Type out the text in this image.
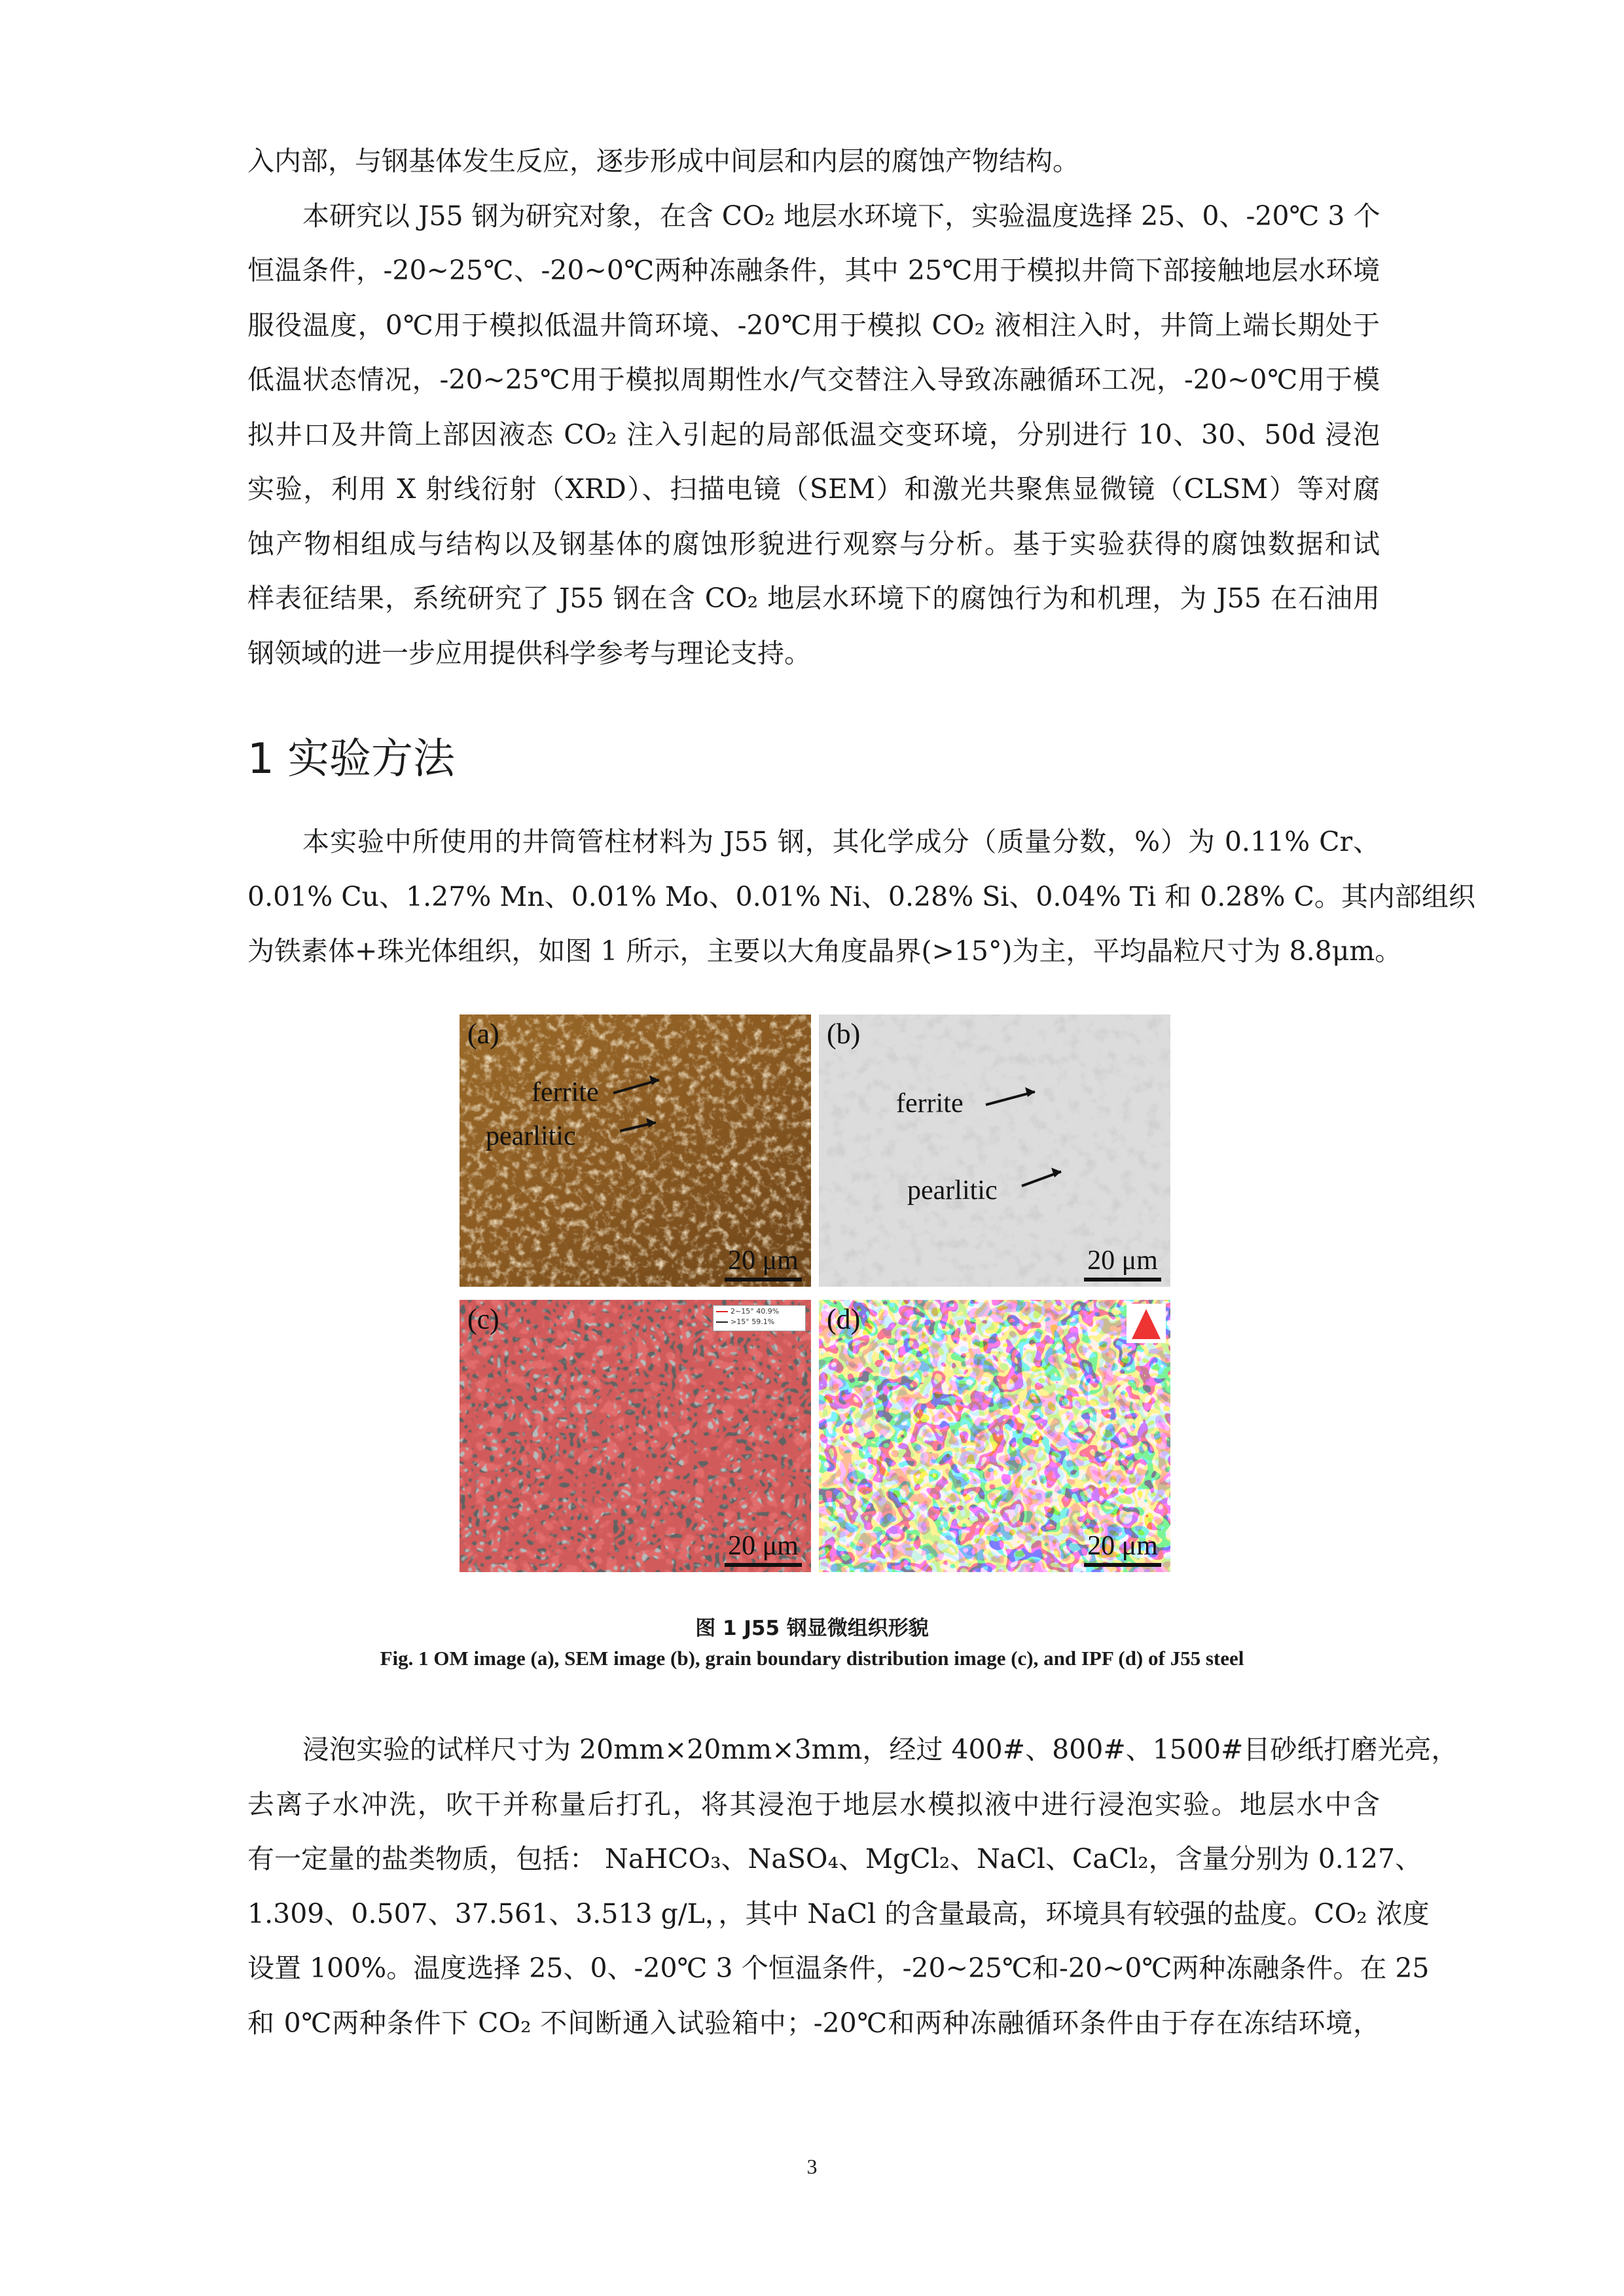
入内部，与钢基体发生反应，逐步形成中间层和内层的腐蚀产物结构。
本研究以 J55 钢为研究对象，在含 CO₂ 地层水环境下，实验温度选择 25、0、-20℃ 3 个
恒温条件，-20~25℃、-20~0℃两种冻融条件，其中 25℃用于模拟井筒下部接触地层水环境
服役温度，0℃用于模拟低温井筒环境、-20℃用于模拟 CO₂ 液相注入时，井筒上端长期处于
低温状态情况，-20~25℃用于模拟周期性水/气交替注入导致冻融循环工况，-20~0℃用于模
拟井口及井筒上部因液态 CO₂ 注入引起的局部低温交变环境，分别进行 10、30、50d 浸泡
实验，利用 X 射线衍射（XRD）、扫描电镜（SEM）和激光共聚焦显微镜（CLSM）等对腐
蚀产物相组成与结构以及钢基体的腐蚀形貌进行观察与分析。基于实验获得的腐蚀数据和试
样表征结果，系统研究了 J55 钢在含 CO₂ 地层水环境下的腐蚀行为和机理，为 J55 在石油用
钢领域的进一步应用提供科学参考与理论支持。
1 实验方法
本实验中所使用的井筒管柱材料为 J55 钢，其化学成分（质量分数，%）为 0.11% Cr、
0.01% Cu、1.27% Mn、0.01% Mo、0.01% Ni、0.28% Si、0.04% Ti 和 0.28% C。其内部组织
为铁素体+珠光体组织，如图 1 所示，主要以大角度晶界(>15°)为主，平均晶粒尺寸为 8.8μm。
(a)
ferrite
pearlitic
20 μm
(b)
ferrite
pearlitic
20 μm
2~15° 40.9%
>15° 59.1%
(c)
20 μm
(d)
20 μm
图 1 J55 钢显微组织形貌
Fig. 1 OM image (a), SEM image (b), grain boundary distribution image (c), and IPF (d) of J55 steel
浸泡实验的试样尺寸为 20mm×20mm×3mm，经过 400#、800#、1500#目砂纸打磨光亮，
去离子水冲洗，吹干并称量后打孔，将其浸泡于地层水模拟液中进行浸泡实验。地层水中含
有一定量的盐类物质，包括： NaHCO₃、NaSO₄、MgCl₂、NaCl、CaCl₂，含量分别为 0.127、
1.309、0.507、37.561、3.513 g/L，，其中 NaCl 的含量最高，环境具有较强的盐度。CO₂ 浓度
设置 100%。温度选择 25、0、-20℃ 3 个恒温条件，-20~25℃和-20~0℃两种冻融条件。在 25
和 0℃两种条件下 CO₂ 不间断通入试验箱中；-20℃和两种冻融循环条件由于存在冻结环境，
3
